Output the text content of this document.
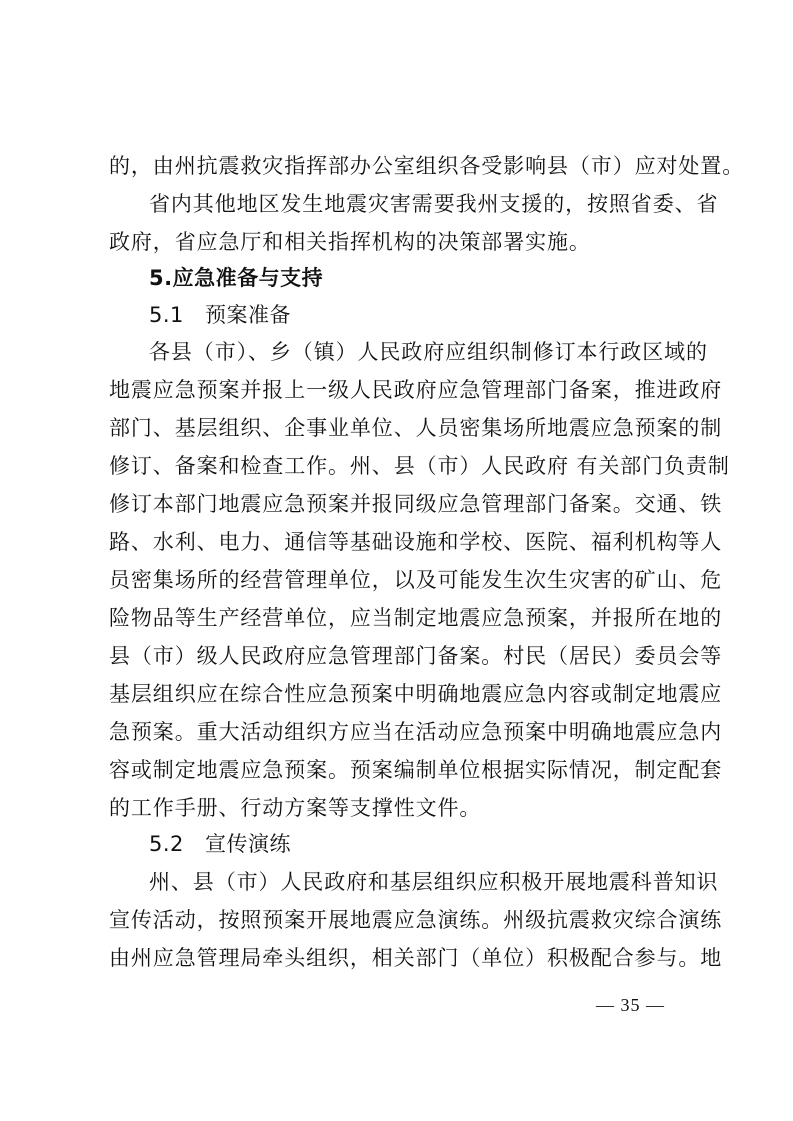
的，由州抗震救灾指挥部办公室组织各受影响县（市）应对处置。
省内其他地区发生地震灾害需要我州支援的，按照省委、省
政府，省应急厅和相关指挥机构的决策部署实施。
5.应急准备与支持
5.1 预案准备
各县（市）、乡（镇）人民政府应组织制修订本行政区域的
地震应急预案并报上一级人民政府应急管理部门备案，推进政府
部门、基层组织、企事业单位、人员密集场所地震应急预案的制
修订、备案和检查工作。州、县（市）人民政府 有关部门负责制
修订本部门地震应急预案并报同级应急管理部门备案。交通、铁
路、水利、电力、通信等基础设施和学校、医院、福利机构等人
员密集场所的经营管理单位，以及可能发生次生灾害的矿山、危
险物品等生产经营单位，应当制定地震应急预案，并报所在地的
县（市）级人民政府应急管理部门备案。村民（居民）委员会等
基层组织应在综合性应急预案中明确地震应急内容或制定地震应
急预案。重大活动组织方应当在活动应急预案中明确地震应急内
容或制定地震应急预案。预案编制单位根据实际情况，制定配套
的工作手册、行动方案等支撑性文件。
5.2 宣传演练
州、县（市）人民政府和基层组织应积极开展地震科普知识
宣传活动，按照预案开展地震应急演练。州级抗震救灾综合演练
由州应急管理局牵头组织，相关部门（单位）积极配合参与。地
— 35 —
